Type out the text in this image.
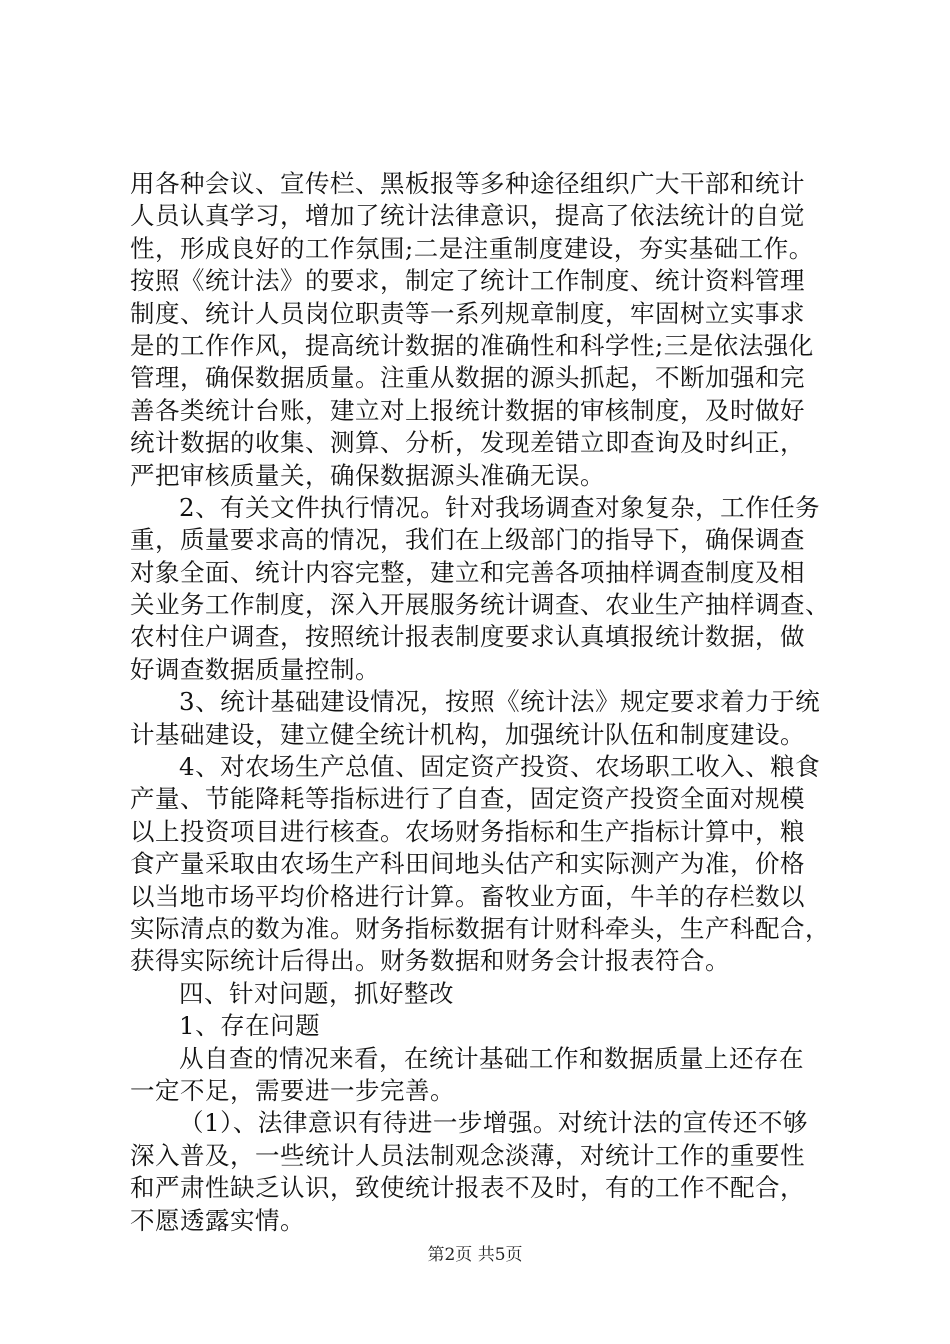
用各种会议、宣传栏、黑板报等多种途径组织广大干部和统计
人员认真学习，增加了统计法律意识，提高了依法统计的自觉
性，形成良好的工作氛围;二是注重制度建设，夯实基础工作。
按照《统计法》的要求，制定了统计工作制度、统计资料管理
制度、统计人员岗位职责等一系列规章制度，牢固树立实事求
是的工作作风，提高统计数据的准确性和科学性;三是依法强化
管理，确保数据质量。注重从数据的源头抓起，不断加强和完
善各类统计台账，建立对上报统计数据的审核制度，及时做好
统计数据的收集、测算、分析，发现差错立即查询及时纠正，
严把审核质量关，确保数据源头准确无误。
2、有关文件执行情况。针对我场调查对象复杂，工作任务
重，质量要求高的情况，我们在上级部门的指导下，确保调查
对象全面、统计内容完整，建立和完善各项抽样调查制度及相
关业务工作制度，深入开展服务统计调查、农业生产抽样调查、
农村住户调查，按照统计报表制度要求认真填报统计数据，做
好调查数据质量控制。
3、统计基础建设情况，按照《统计法》规定要求着力于统
计基础建设，建立健全统计机构，加强统计队伍和制度建设。
4、对农场生产总值、固定资产投资、农场职工收入、粮食
产量、节能降耗等指标进行了自查，固定资产投资全面对规模
以上投资项目进行核查。农场财务指标和生产指标计算中，粮
食产量采取由农场生产科田间地头估产和实际测产为准，价格
以当地市场平均价格进行计算。畜牧业方面，牛羊的存栏数以
实际清点的数为准。财务指标数据有计财科牵头，生产科配合，
获得实际统计后得出。财务数据和财务会计报表符合。
四、针对问题，抓好整改
1、存在问题
从自查的情况来看，在统计基础工作和数据质量上还存在
一定不足，需要进一步完善。
（1）、法律意识有待进一步增强。对统计法的宣传还不够
深入普及，一些统计人员法制观念淡薄，对统计工作的重要性
和严肃性缺乏认识，致使统计报表不及时，有的工作不配合，
不愿透露实情。
第2页 共5页
